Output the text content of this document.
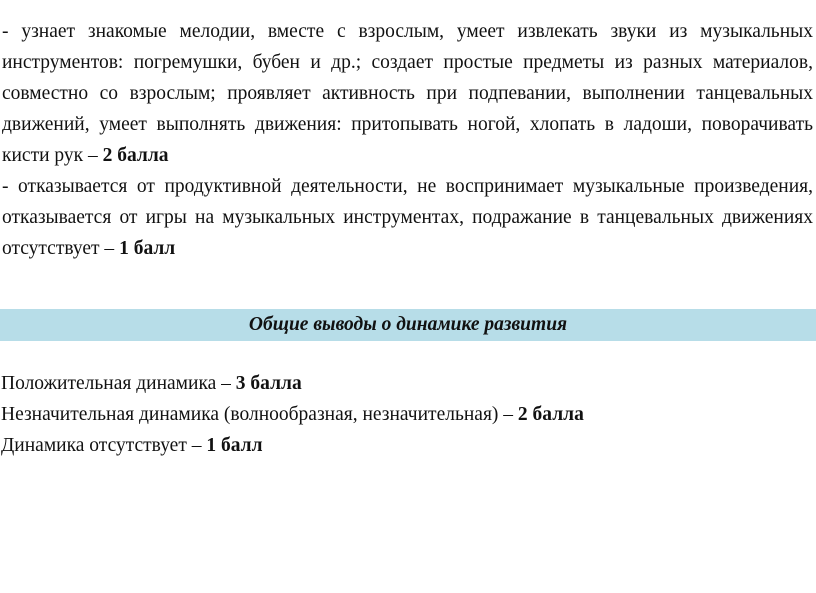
- узнает знакомые мелодии, вместе с взрослым, умеет извлекать звуки из музыкальных инструментов: погремушки, бубен и др.; создает простые предметы из разных материалов, совместно со взрослым; проявляет активность при подпевании, выполнении танцевальных движений, умеет выполнять движения: притопывать ногой, хлопать в ладоши, поворачивать кисти рук – 2 балла

- отказывается от продуктивной деятельности, не воспринимает музыкальные произведения, отказывается от игры на музыкальных инструментах, подражание в танцевальных движениях отсутствует – 1 балл

Общие выводы о динамике развития
Положительная динамика – 3 балла
Незначительная динамика (волнообразная, незначительная) – 2 балла
Динамика отсутствует – 1 балл
